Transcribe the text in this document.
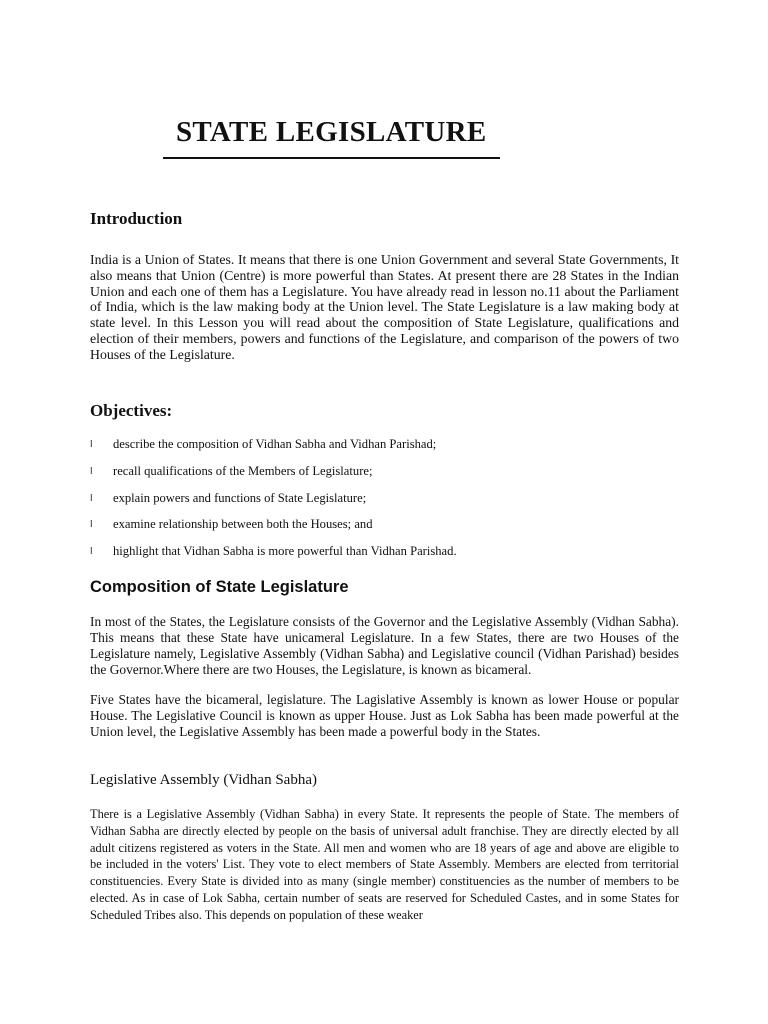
STATE LEGISLATURE
Introduction

India is a Union of States. It means that there is one Union Government and several State Governments, It also means that Union (Centre) is more powerful than States. At present there are 28 States in the Indian Union and each one of them has a Legislature. You have already read in lesson no.11 about the Parliament of India, which is the law making body at the Union level. The State Legislature is a law making body at state level. In this Lesson you will read about the composition of State Legislature, qualifications and election of their members, powers and functions of the Legislature, and comparison of the powers of two Houses of the Legislature.

Objectives:
l describe the composition of Vidhan Sabha and Vidhan Parishad;
l recall qualifications of the Members of Legislature;
l explain powers and functions of State Legislature;
l examine relationship between both the Houses; and
l highlight that Vidhan Sabha is more powerful than Vidhan Parishad.
Composition of State Legislature

In most of the States, the Legislature consists of the Governor and the Legislative Assembly (Vidhan Sabha). This means that these State have unicameral Legislature. In a few States, there are two Houses of the Legislature namely, Legislative Assembly (Vidhan Sabha) and Legislative council (Vidhan Parishad) besides the Governor.Where there are two Houses, the Legislature, is known as bicameral.

Five States have the bicameral, legislature. The Lagislative Assembly is known as lower House or popular House. The Legislative Council is known as upper House. Just as Lok Sabha has been made powerful at the Union level, the Legislative Assembly has been made a powerful body in the States.

Legislative Assembly (Vidhan Sabha)

There is a Legislative Assembly (Vidhan Sabha) in every State. It represents the people of State. The members of Vidhan Sabha are directly elected by people on the basis of universal adult franchise. They are directly elected by all adult citizens registered as voters in the State. All men and women who are 18 years of age and above are eligible to be included in the voters' List. They vote to elect members of State Assembly. Members are elected from territorial constituencies. Every State is divided into as many (single member) constituencies as the number of members to be elected. As in case of Lok Sabha, certain number of seats are reserved for Scheduled Castes, and in some States for Scheduled Tribes also. This depends on population of these weaker
